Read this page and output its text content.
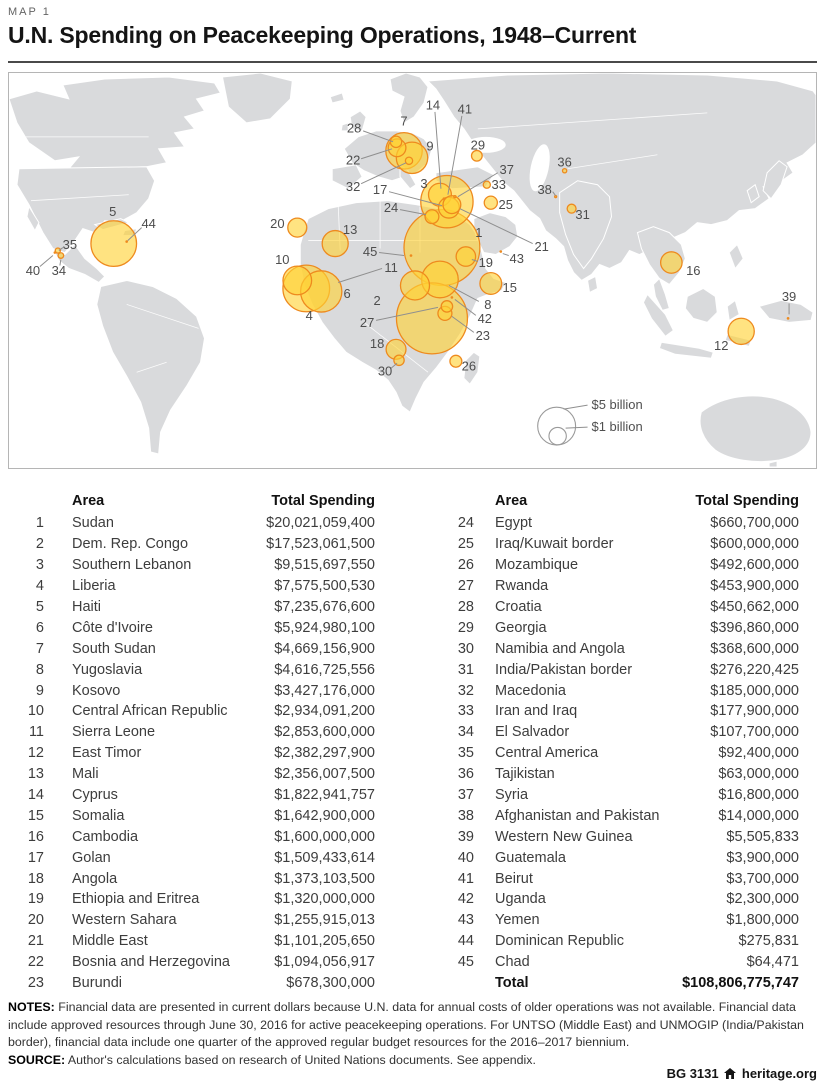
MAP 1
U.N. Spending on Peacekeeping Operations, 1948–Current
1
2
3
4
5
6
7
8
9
10
11
12
13
14
15
16
17
18
19
20
21
22
23
24	25
26
27
28
29
30
31
32	33
34
35
36
37
38
39
40
41
42
43
44
45
$5 billion
$1 billion
Area	Total Spending
1 Sudan	$20,021,059,400
2 Dem. Rep. Congo	$17,523,061,500
3 Southern Lebanon	$9,515,697,550
4 Liberia	$7,575,500,530
5 Haiti	$7,235,676,600
6 Côte d'Ivoire	$5,924,980,100
7 South Sudan	$4,669,156,900
8 Yugoslavia	$4,616,725,556
9 Kosovo	$3,427,176,000
10 Central African Republic	$2,934,091,200
11 Sierra Leone	$2,853,600,000
12 East Timor	$2,382,297,900
13 Mali	$2,356,007,500
14 Cyprus	$1,822,941,757
15 Somalia	$1,642,900,000
16 Cambodia	$1,600,000,000
17 Golan	$1,509,433,614
18 Angola	$1,373,103,500
19 Ethiopia and Eritrea	$1,320,000,000
20 Western Sahara	$1,255,915,013
21 Middle East	$1,101,205,650
22 Bosnia and Herzegovina	$1,094,056,917
23 Burundi	$678,300,000
Area	Total Spending
24 Egypt	$660,700,000
25 Iraq/Kuwait border	$600,000,000
26 Mozambique	$492,600,000
27 Rwanda	$453,900,000
28 Croatia	$450,662,000
29 Georgia	$396,860,000
30 Namibia and Angola	$368,600,000
31 India/Pakistan border	$276,220,425
32 Macedonia	$185,000,000
33 Iran and Iraq	$177,900,000
34 El Salvador	$107,700,000
35 Central America	$92,400,000
36 Tajikistan	$63,000,000
37 Syria	$16,800,000
38 Afghanistan and Pakistan	$14,000,000
39 Western New Guinea	$5,505,833
40 Guatemala	$3,900,000
41 Beirut	$3,700,000
42 Uganda	$2,300,000
43 Yemen	$1,800,000
44 Dominican Republic	$275,831
45 Chad	$64,471
Total	$108,806,775,747
NOTES: Financial data are presented in current dollars because U.N. data for annual costs of older operations was not available. Financial data include approved resources through June 30, 2016 for active peacekeeping operations. For UNTSO (Middle East) and UNMOGIP (India/Pakistan border), financial data include one quarter of the approved regular budget resources for the 2016–2017 biennium.
SOURCE: Author's calculations based on research of United Nations documents. See appendix.
BG 3131 heritage.org
